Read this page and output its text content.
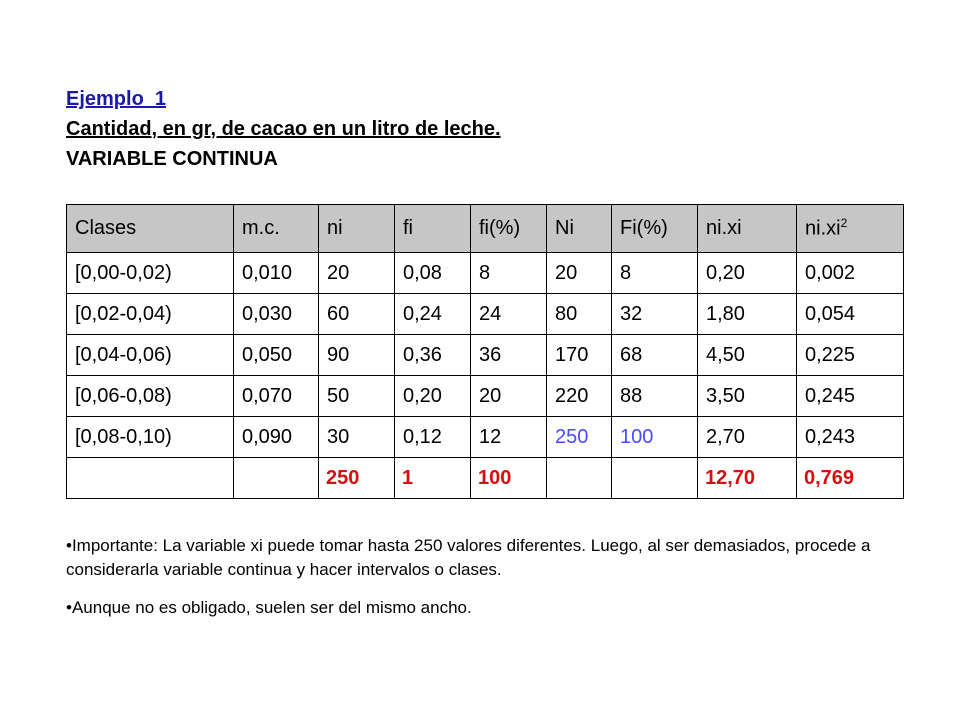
Ejemplo_1
Cantidad, en gr, de cacao en un litro de leche.
VARIABLE CONTINUA
Clases	m.c.	ni	fi	fi(%)	Ni	Fi(%)	ni.xi	$ni.xi^2$
[0,00-0,02)	0,010	20	0,08	8	20	8	0,20	0,002
[0,02-0,04)	0,030	60	0,24	24	80	32	1,80	0,054
[0,04-0,06)	0,050	90	0,36	36	170	68	4,50	0,225
[0,06-0,08)	0,070	50	0,20	20	220	88	3,50	0,245
[0,08-0,10)	0,090	30	0,12	12	250	100	2,70	0,243
		250	1	100			12,70	0,769

•Importante: La variable xi puede tomar hasta 250 valores diferentes. Luego, al ser demasiados, procede a considerarla variable continua y hacer intervalos o clases.

•Aunque no es obligado, suelen ser del mismo ancho.
